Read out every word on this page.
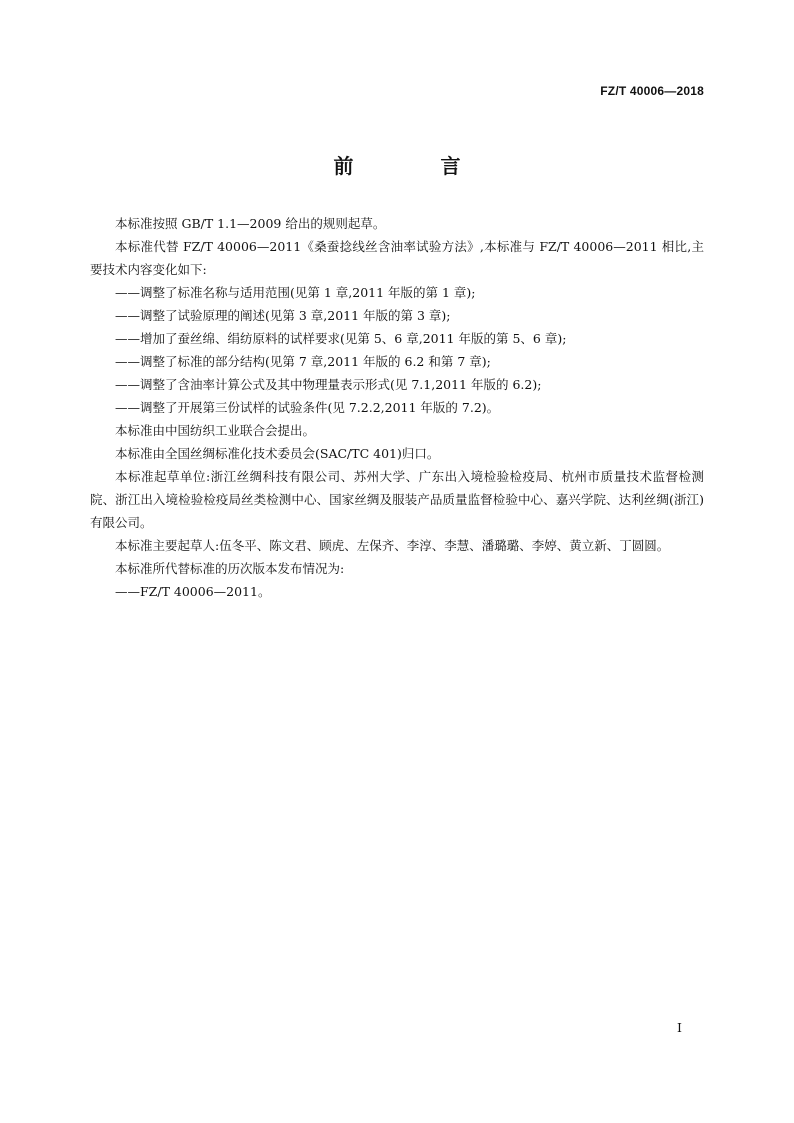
FZ/T 40006—2018
前 言

本标准按照 GB/T 1.1—2009 给出的规则起草。

本标准代替 FZ/T 40006—2011《桑蚕捻线丝含油率试验方法》,本标准与 FZ/T 40006—2011 相比,主要技术内容变化如下:

——调整了标准名称与适用范围(见第 1 章,2011 年版的第 1 章);

——调整了试验原理的阐述(见第 3 章,2011 年版的第 3 章);

——增加了蚕丝绵、绢纺原料的试样要求(见第 5、6 章,2011 年版的第 5、6 章);

——调整了标准的部分结构(见第 7 章,2011 年版的 6.2 和第 7 章);

——调整了含油率计算公式及其中物理量表示形式(见 7.1,2011 年版的 6.2);

——调整了开展第三份试样的试验条件(见 7.2.2,2011 年版的 7.2)。

本标准由中国纺织工业联合会提出。

本标准由全国丝绸标准化技术委员会(SAC/TC 401)归口。

本标准起草单位:浙江丝绸科技有限公司、苏州大学、广东出入境检验检疫局、杭州市质量技术监督检测院、浙江出入境检验检疫局丝类检测中心、国家丝绸及服装产品质量监督检验中心、嘉兴学院、达利丝绸(浙江)有限公司。

本标准主要起草人:伍冬平、陈文君、顾虎、左保齐、李淳、李慧、潘璐璐、李婷、黄立新、丁圆圆。

本标准所代替标准的历次版本发布情况为:

——FZ/T 40006—2011。

I
